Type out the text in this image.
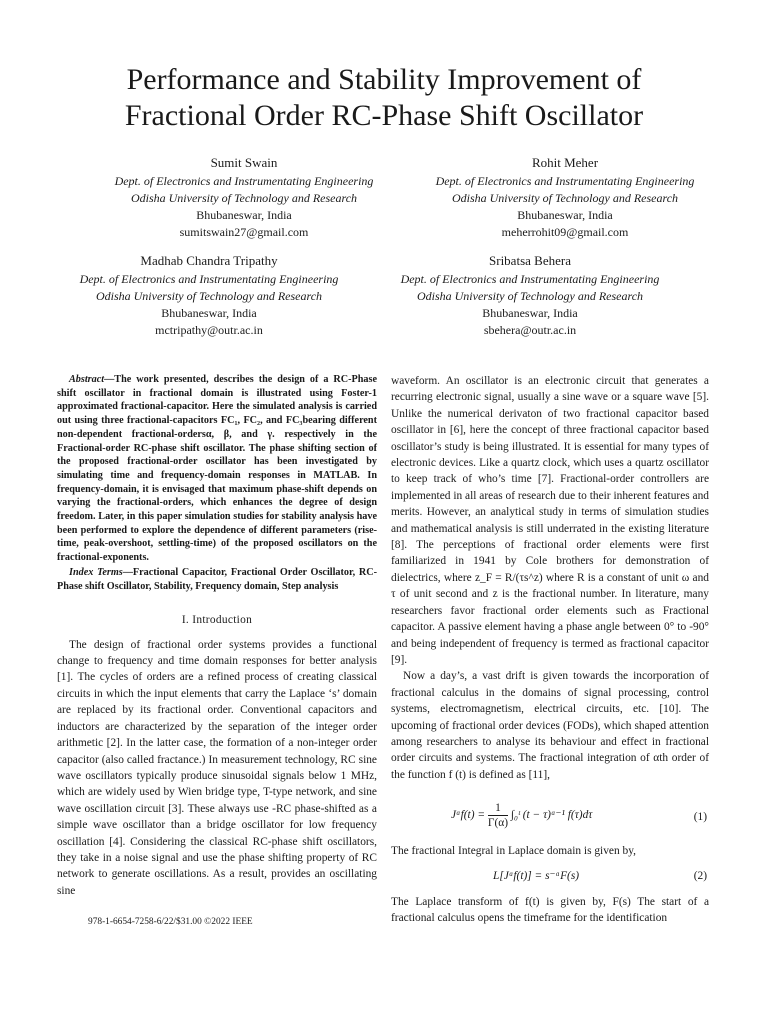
Performance and Stability Improvement of
Fractional Order RC-Phase Shift Oscillator
Sumit Swain
Dept. of Electronics and Instrumentating Engineering
Odisha University of Technology and Research
Bhubaneswar, India
sumitswain27@gmail.com
Rohit Meher
Dept. of Electronics and Instrumentating Engineering
Odisha University of Technology and Research
Bhubaneswar, India
meherrohit09@gmail.com
Madhab Chandra Tripathy
Dept. of Electronics and Instrumentating Engineering
Odisha University of Technology and Research
Bhubaneswar, India
mctripathy@outr.ac.in
Sribatsa Behera
Dept. of Electronics and Instrumentating Engineering
Odisha University of Technology and Research
Bhubaneswar, India
sbehera@outr.ac.in
Abstract—The work presented, describes the design of a RC-Phase shift oscillator in fractional domain is illustrated using Foster-1 approximated fractional-capacitor. Here the simulated analysis is carried out using three fractional-capacitors FC₁, FC₂, and FC₃bearing different non-dependent fractional-ordersα, β, and γ. respectively in the Fractional-order RC-phase shift oscillator. The phase shifting section of the proposed fractional-order oscillator has been investigated by simulating time and frequency-domain responses in MATLAB. In frequency-domain, it is envisaged that maximum phase-shift depends on varying the fractional-orders, which enhances the degree of design freedom. Later, in this paper simulation studies for stability analysis have been performed to explore the dependence of different parameters (rise-time, peak-overshoot, settling-time) of the proposed oscillators on the fractional-exponents.
Index Terms—Fractional Capacitor, Fractional Order Oscillator, RC-Phase shift Oscillator, Stability, Frequency domain, Step analysis
I. Introduction

The design of fractional order systems provides a functional change to frequency and time domain responses for better analysis [1]. The cycles of orders are a refined process of creating classical circuits in which the input elements that carry the Laplace ‘s’ domain are replaced by its fractional order. Conventional capacitors and inductors are characterized by the separation of the integer order arithmetic [2]. In the latter case, the formation of a non-integer order capacitor (also called fractance.) In measurement technology, RC sine wave oscillators typically produce sinusoidal signals below 1 MHz, which are widely used by Wien bridge type, T-type network, and sine wave oscillation circuit [3]. These always use -RC phase-shifted as a simple wave oscillator than a bridge oscillator for low frequency oscillation [4]. Considering the classical RC-phase shift oscillators, they take in a noise signal and use the phase shifting property of RC network to generate oscillations. As a result, provides an oscillating sine

waveform. An oscillator is an electronic circuit that generates a recurring electronic signal, usually a sine wave or a square wave [5]. Unlike the numerical derivaton of two fractional capacitor based oscillator in [6], here the concept of three fractional capacitor based oscillator’s study is being illustrated. It is essential for many types of electronic devices. Like a quartz clock, which uses a quartz oscillator to keep track of who’s time [7]. Fractional-order controllers are implemented in all areas of research due to their inherent features and merits. However, an analytical study in terms of simulation studies and mathematical analysis is still underrated in the existing literature [8]. The perceptions of fractional order elements were first familiarized in 1941 by Cole brothers for demonstration of dielectrics, where z_F = R/(τs^z) where R is a constant of unit ω and τ of unit second and z is the fractional number. In literature, many researchers favor fractional order elements such as Fractional capacitor. A passive element having a phase angle between 0° to -90° and being independent of frequency is termed as fractional capacitor [9].

Now a day’s, a vast drift is given towards the incorporation of fractional calculus in the domains of signal processing, control systems, electromagnetism, electrical circuits, etc. [10]. The upcoming of fractional order devices (FODs), which shaped attention among researchers to analyse its behaviour and effect in fractional order circuits and systems. The fractional integration of αth order of the function f (t) is defined as [11],

Jᵅf(t) = $\frac{1}{\Gamma(\alpha)}$ ∫₀ᵗ (t − τ)ᵅ⁻¹ f(τ)dτ	(1)

The fractional Integral in Laplace domain is given by,

L[Jᵅf(t)] = s⁻ᵅF(s)	(2)

The Laplace transform of f(t) is given by, F(s) The start of a fractional calculus opens the timeframe for the identification

978-1-6654-7258-6/22/$31.00 ©2022 IEEE
